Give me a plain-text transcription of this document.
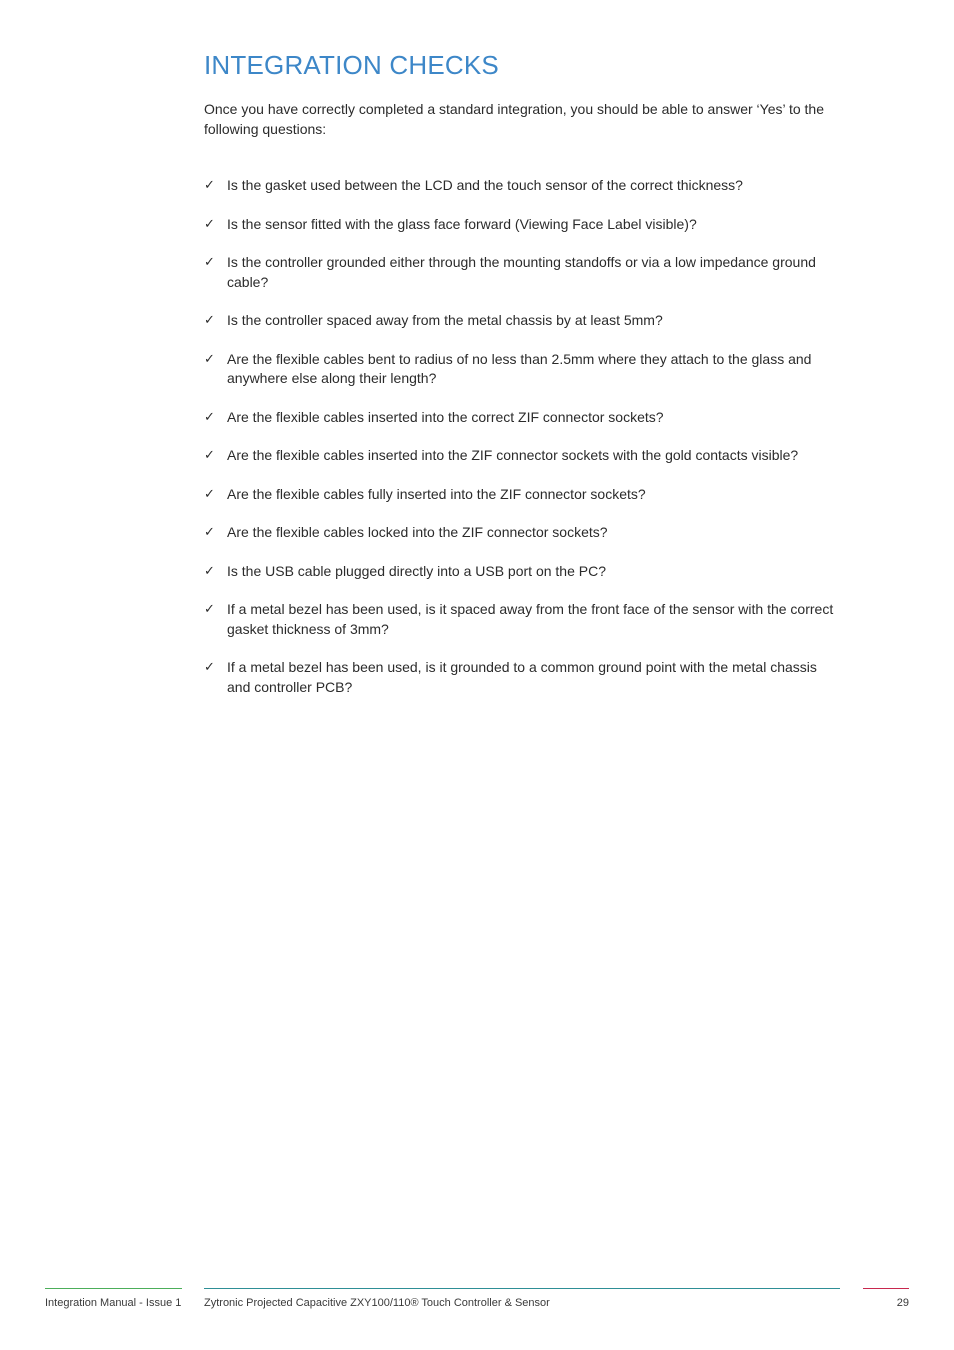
INTEGRATION CHECKS

Once you have correctly completed a standard integration, you should be able to answer ‘Yes’ to the following questions:

✓ Is the gasket used between the LCD and the touch sensor of the correct thickness?
✓ Is the sensor fitted with the glass face forward (Viewing Face Label visible)?
✓ Is the controller grounded either through the mounting standoffs or via a low impedance ground cable?
✓ Is the controller spaced away from the metal chassis by at least 5mm?
✓ Are the flexible cables bent to radius of no less than 2.5mm where they attach to the glass and anywhere else along their length?
✓ Are the flexible cables inserted into the correct ZIF connector sockets?
✓ Are the flexible cables inserted into the ZIF connector sockets with the gold contacts visible?
✓ Are the flexible cables fully inserted into the ZIF connector sockets?
✓ Are the flexible cables locked into the ZIF connector sockets?
✓ Is the USB cable plugged directly into a USB port on the PC?
✓ If a metal bezel has been used, is it spaced away from the front face of the sensor with the correct gasket thickness of 3mm?
✓ If a metal bezel has been used, is it grounded to a common ground point with the metal chassis and controller PCB?
Integration Manual - Issue 1 Zytronic Projected Capacitive ZXY100/110® Touch Controller & Sensor	29
